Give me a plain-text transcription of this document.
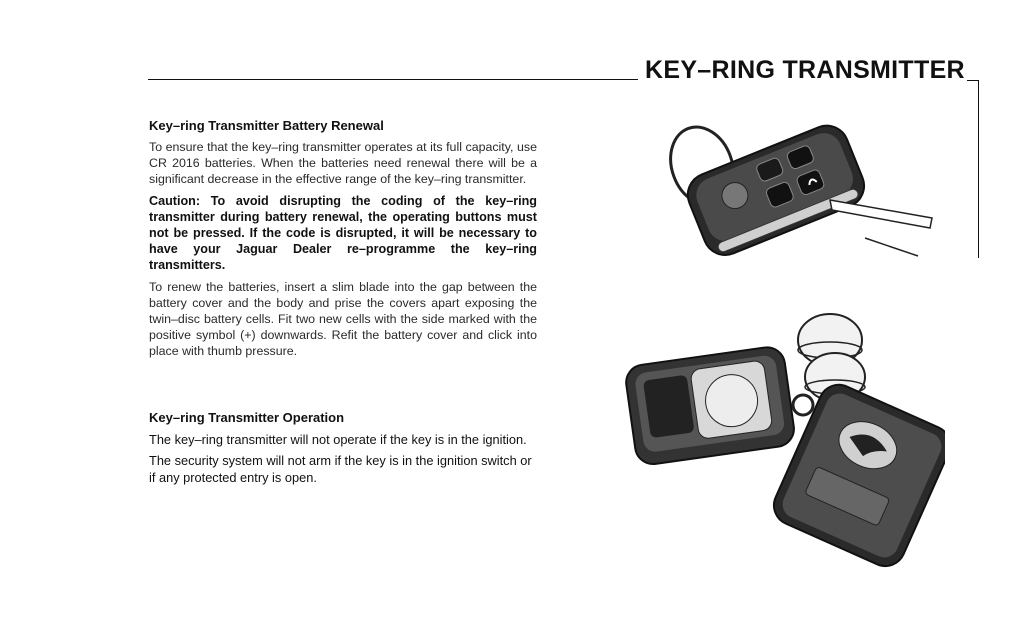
KEY–RING TRANSMITTER
Key–ring Transmitter Battery Renewal

To ensure that the key–ring transmitter operates at its full capacity, use CR 2016 batteries. When the batteries need renewal there will be a significant decrease in the effective range of the key–ring transmitter.

Caution: To avoid disrupting the coding of the key–ring transmitter during battery renewal, the operating buttons must not be pressed. If the code is disrupted, it will be necessary to have your Jaguar Dealer re–programme the key–ring transmitters.

To renew the batteries, insert a slim blade into the gap between the battery cover and the body and prise the covers apart exposing the twin–disc battery cells. Fit two new cells with the side marked with the positive symbol (+) downwards. Refit the battery cover and click into place with thumb pressure.

Key–ring Transmitter Operation

The key–ring transmitter will not operate if the key is in the ignition.

The security system will not arm if the key is in the ignition switch or if any protected entry is open.
